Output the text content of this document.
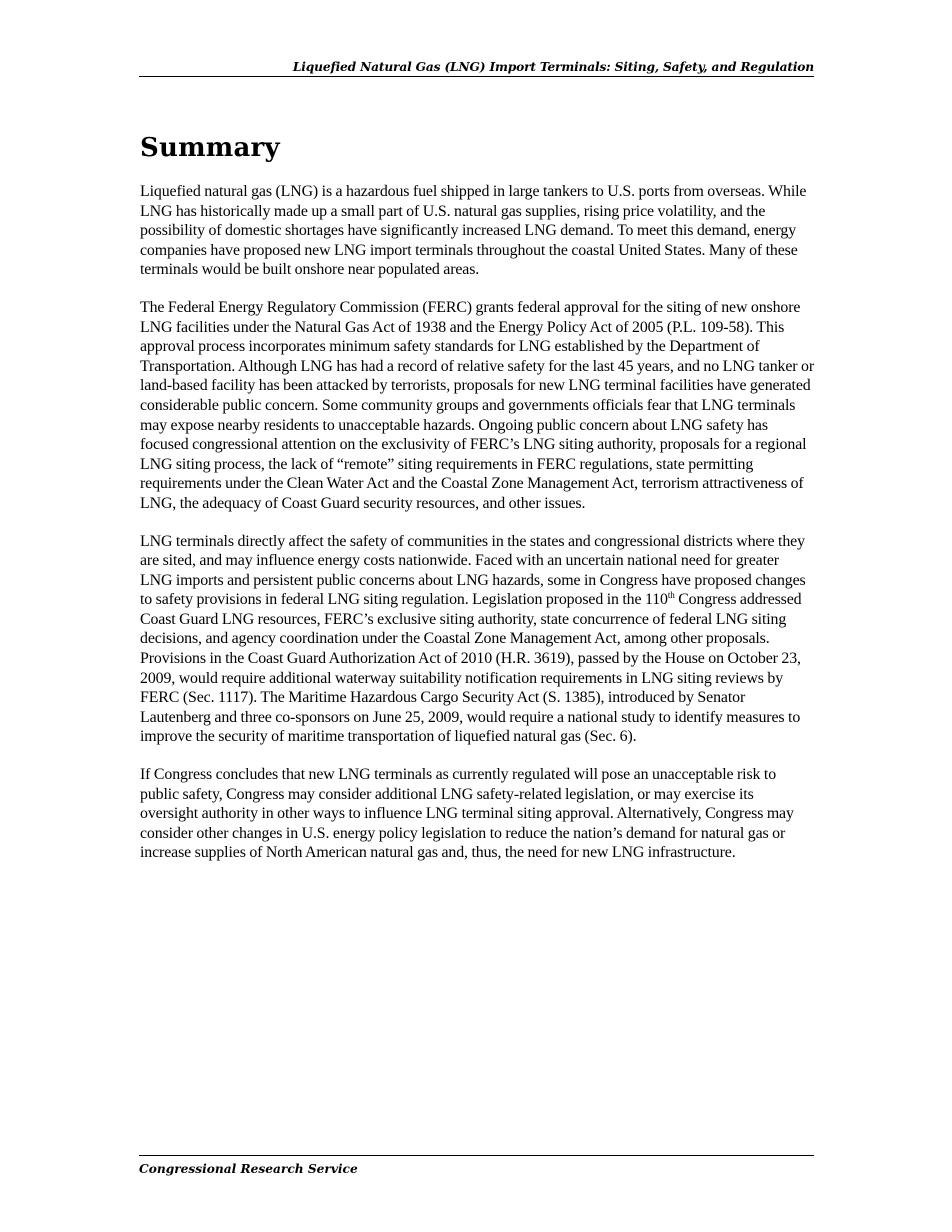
Liquefied Natural Gas (LNG) Import Terminals: Siting, Safety, and Regulation
Summary

Liquefied natural gas (LNG) is a hazardous fuel shipped in large tankers to U.S. ports from overseas. While LNG has historically made up a small part of U.S. natural gas supplies, rising price volatility, and the possibility of domestic shortages have significantly increased LNG demand. To meet this demand, energy companies have proposed new LNG import terminals throughout the coastal United States. Many of these terminals would be built onshore near populated areas.

The Federal Energy Regulatory Commission (FERC) grants federal approval for the siting of new onshore LNG facilities under the Natural Gas Act of 1938 and the Energy Policy Act of 2005 (P.L. 109-58). This approval process incorporates minimum safety standards for LNG established by the Department of Transportation. Although LNG has had a record of relative safety for the last 45 years, and no LNG tanker or land-based facility has been attacked by terrorists, proposals for new LNG terminal facilities have generated considerable public concern. Some community groups and governments officials fear that LNG terminals may expose nearby residents to unacceptable hazards. Ongoing public concern about LNG safety has focused congressional attention on the exclusivity of FERC’s LNG siting authority, proposals for a regional LNG siting process, the lack of “remote” siting requirements in FERC regulations, state permitting requirements under the Clean Water Act and the Coastal Zone Management Act, terrorism attractiveness of LNG, the adequacy of Coast Guard security resources, and other issues.

LNG terminals directly affect the safety of communities in the states and congressional districts where they are sited, and may influence energy costs nationwide. Faced with an uncertain national need for greater LNG imports and persistent public concerns about LNG hazards, some in Congress have proposed changes to safety provisions in federal LNG siting regulation. Legislation proposed in the 110th Congress addressed Coast Guard LNG resources, FERC’s exclusive siting authority, state concurrence of federal LNG siting decisions, and agency coordination under the Coastal Zone Management Act, among other proposals. Provisions in the Coast Guard Authorization Act of 2010 (H.R. 3619), passed by the House on October 23, 2009, would require additional waterway suitability notification requirements in LNG siting reviews by FERC (Sec. 1117). The Maritime Hazardous Cargo Security Act (S. 1385), introduced by Senator Lautenberg and three co-sponsors on June 25, 2009, would require a national study to identify measures to improve the security of maritime transportation of liquefied natural gas (Sec. 6).

If Congress concludes that new LNG terminals as currently regulated will pose an unacceptable risk to public safety, Congress may consider additional LNG safety-related legislation, or may exercise its oversight authority in other ways to influence LNG terminal siting approval. Alternatively, Congress may consider other changes in U.S. energy policy legislation to reduce the nation’s demand for natural gas or increase supplies of North American natural gas and, thus, the need for new LNG infrastructure.

Congressional Research Service
